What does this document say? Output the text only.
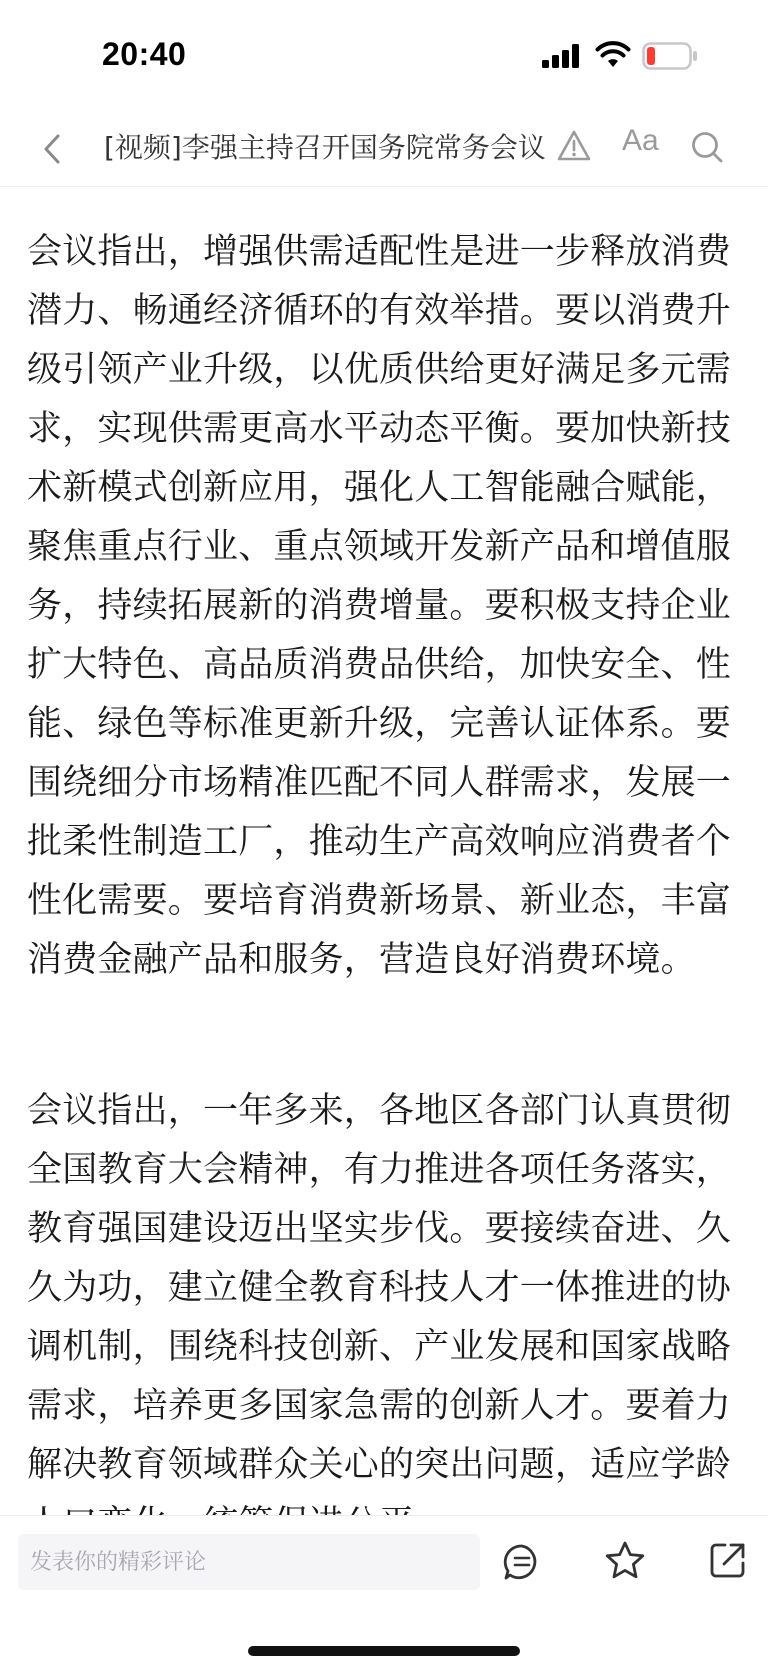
20:40
[视频]李强主持召开国务院常务会议	Aa

会议指出，增强供需适配性是进一步释放消费潜力、畅通经济循环的有效举措。要以消费升级引领产业升级，以优质供给更好满足多元需求，实现供需更高水平动态平衡。要加快新技术新模式创新应用，强化人工智能融合赋能，聚焦重点行业、重点领域开发新产品和增值服务，持续拓展新的消费增量。要积极支持企业扩大特色、高品质消费品供给，加快安全、性能、绿色等标准更新升级，完善认证体系。要围绕细分市场精准匹配不同人群需求，发展一批柔性制造工厂，推动生产高效响应消费者个性化需要。要培育消费新场景、新业态，丰富消费金融产品和服务，营造良好消费环境。

会议指出，一年多来，各地区各部门认真贯彻全国教育大会精神，有力推进各项任务落实，教育强国建设迈出坚实步伐。要接续奋进、久久为功，建立健全教育科技人才一体推进的协调机制，围绕科技创新、产业发展和国家战略需求，培养更多国家急需的创新人才。要着力解决教育领域群众关心的突出问题，适应学龄

发表你的精彩评论
